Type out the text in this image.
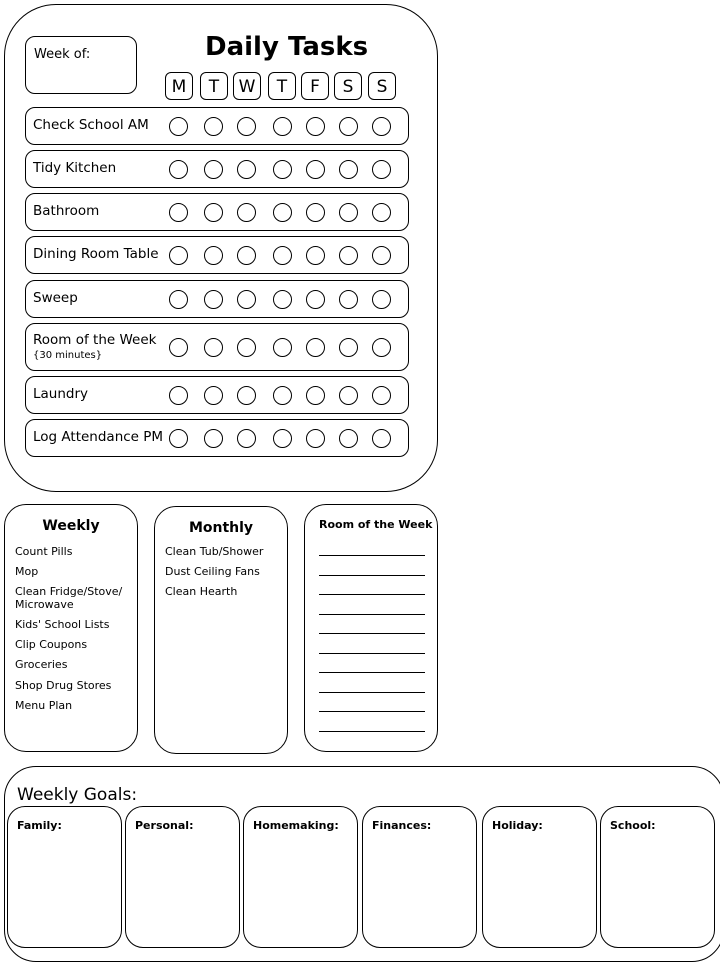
Week of:	Daily Tasks
M	T	W	T	F	S	S
Check School AM
Tidy Kitchen
Bathroom
Dining Room Table
Sweep
Room of the Week
{30 minutes}
Laundry
Log Attendance PM
Weekly
Count Pills
Mop
Clean Fridge/Stove/
Microwave
Kids' School Lists
Clip Coupons
Groceries
Shop Drug Stores
Menu Plan
Monthly
Clean Tub/Shower
Dust Ceiling Fans
Clean Hearth
Room of the Week
Weekly Goals:
Family:	Personal:	Homemaking:	Finances:	Holiday:	School:
